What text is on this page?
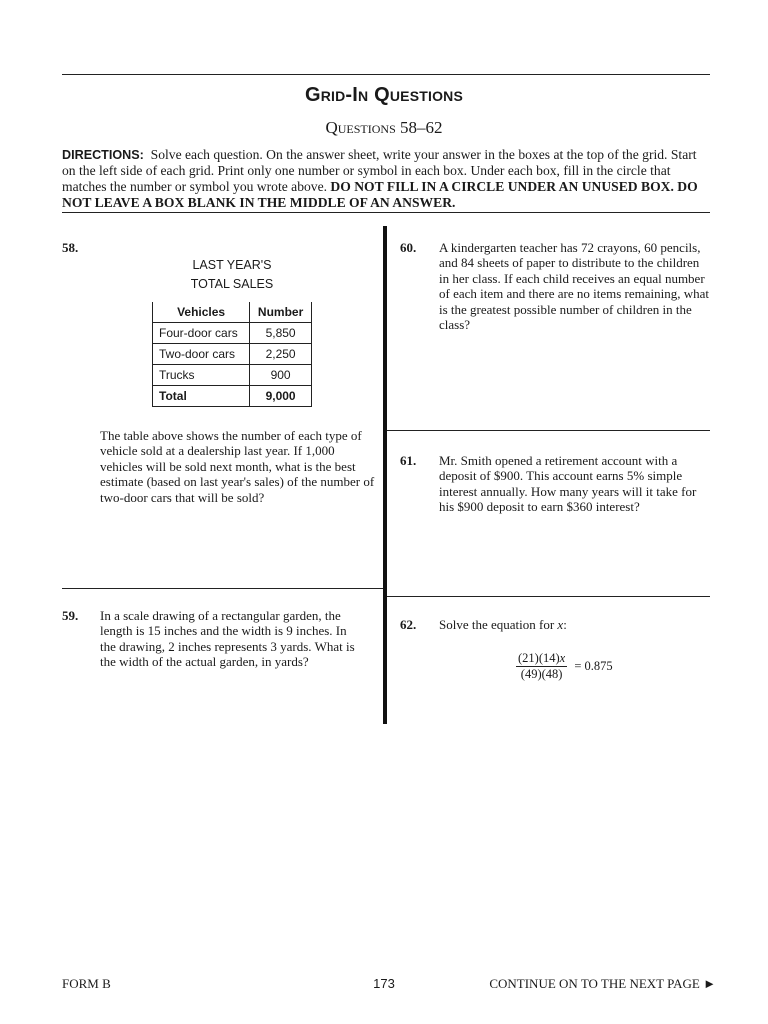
Grid-In Questions
Questions 58–62
DIRECTIONS: Solve each question. On the answer sheet, write your answer in the boxes at the top of the grid. Start on the left side of each grid. Print only one number or symbol in each box. Under each box, fill in the circle that matches the number or symbol you wrote above. DO NOT FILL IN A CIRCLE UNDER AN UNUSED BOX. DO NOT LEAVE A BOX BLANK IN THE MIDDLE OF AN ANSWER.
58.
LAST YEAR'S
TOTAL SALES
Vehicles	Number
Four-door cars	5,850
Two-door cars	2,250
Trucks	900
Total	9,000
The table above shows the number of each type of vehicle sold at a dealership last year. If 1,000 vehicles will be sold next month, what is the best estimate (based on last year's sales) of the number of two-door cars that will be sold?
59. In a scale drawing of a rectangular garden, the length is 15 inches and the width is 9 inches. In the drawing, 2 inches represents 3 yards. What is the width of the actual garden, in yards?
60. A kindergarten teacher has 72 crayons, 60 pencils, and 84 sheets of paper to distribute to the children in her class. If each child receives an equal number of each item and there are no items remaining, what is the greatest possible number of children in the class?
61. Mr. Smith opened a retirement account with a deposit of $900. This account earns 5% simple interest annually. How many years will it take for his $900 deposit to earn $360 interest?
62. Solve the equation for x:
$\frac{(21)(14)x}{(49)(48)} = 0.875$
FORM B	173	CONTINUE ON TO THE NEXT PAGE ►
